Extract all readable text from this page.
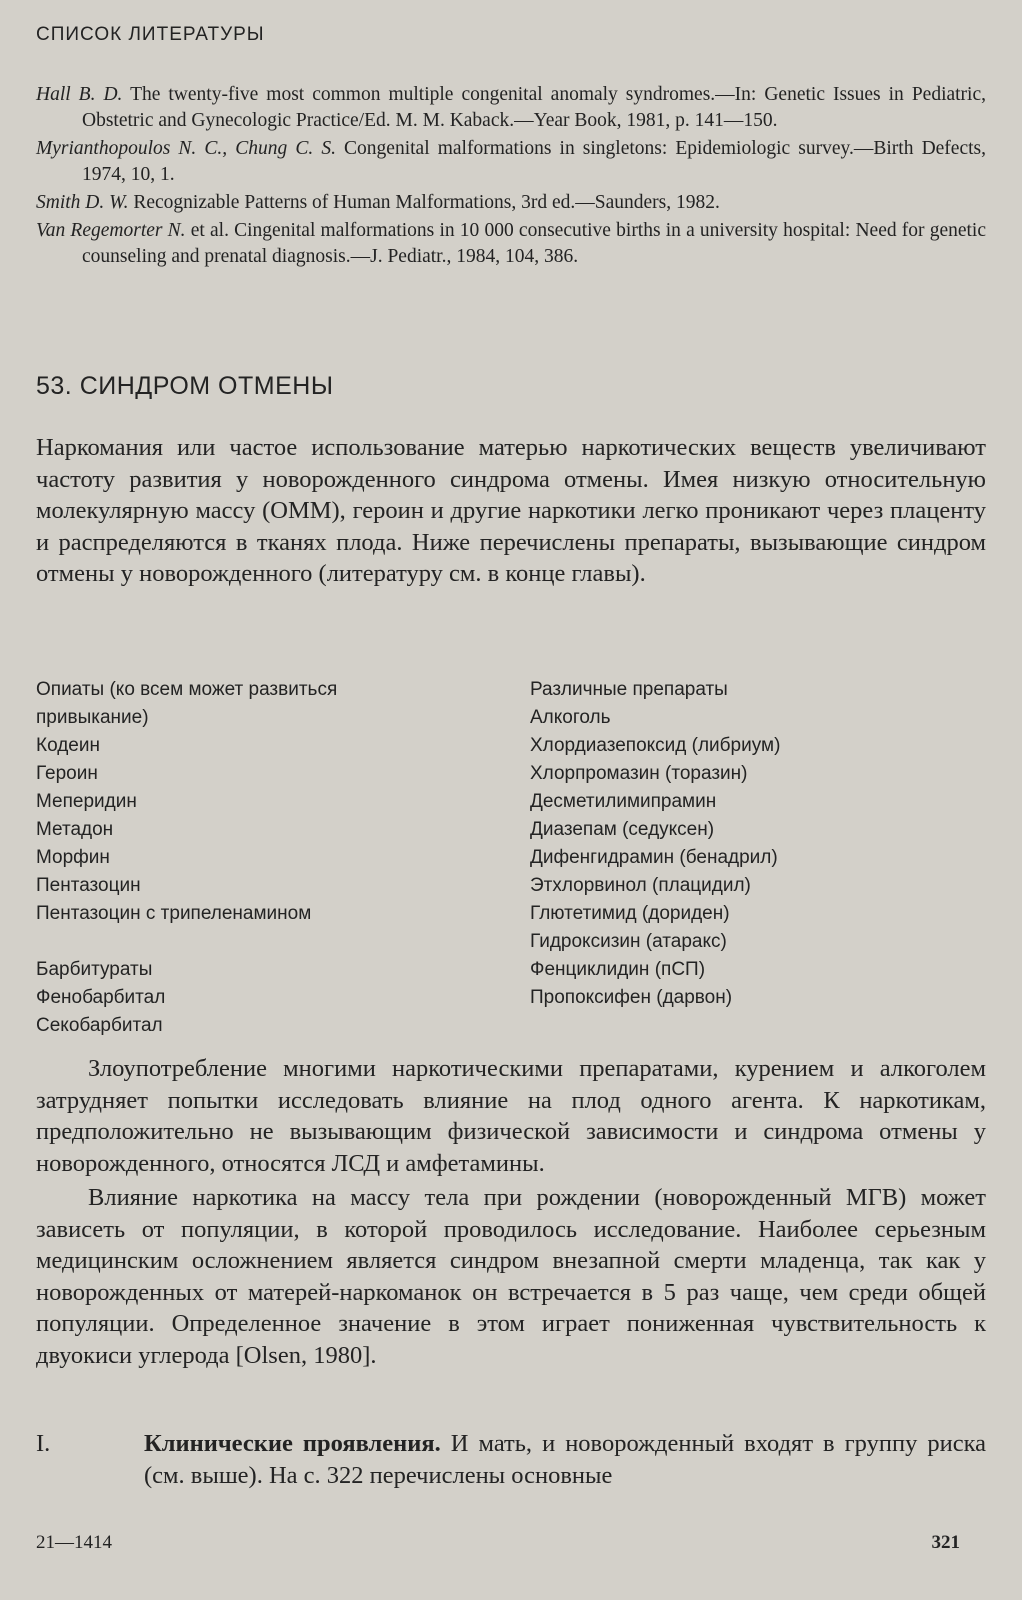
СПИСОК ЛИТЕРАТУРЫ

Hall B. D. The twenty-five most common multiple congenital anomaly syndromes.—In: Genetic Issues in Pediatric, Obstetric and Gynecologic Practice/Ed. M. M. Kaback.—Year Book, 1981, p. 141—150.

Myrianthopoulos N. C., Chung C. S. Congenital malformations in singletons: Epidemiologic survey.—Birth Defects, 1974, 10, 1.

Smith D. W. Recognizable Patterns of Human Malformations, 3rd ed.—Saunders, 1982.

Van Regemorter N. et al. Cingenital malformations in 10 000 consecutive births in a university hospital: Need for genetic counseling and prenatal diagnosis.—J. Pediatr., 1984, 104, 386.

53. СИНДРОМ ОТМЕНЫ

Наркомания или частое использование матерью наркотических веществ увеличивают частоту развития у новорожденного синдрома отмены. Имея низкую относительную молекулярную массу (ОММ), героин и другие наркотики легко проникают через плаценту и распределяются в тканях плода. Ниже перечислены препараты, вызывающие синдром отмены у новорожденного (литературу см. в конце главы).

Опиаты (ко всем может развиться
привыкание)
Кодеин
Героин
Меперидин
Метадон
Морфин
Пентазоцин
Пентазоцин с трипеленамином
Барбитураты
Фенобарбитал
Секобарбитал
Различные препараты
Алкоголь
Хлордиазепоксид (либриум)
Хлорпромазин (торазин)
Десметилимипрамин
Диазепам (седуксен)
Дифенгидрамин (бенадрил)
Этхлорвинол (плацидил)
Глютетимид (дориден)
Гидроксизин (атаракс)
Фенциклидин (пСП)
Пропоксифен (дарвон)

Злоупотребление многими наркотическими препаратами, курением и алкоголем затрудняет попытки исследовать влияние на плод одного агента. К наркотикам, предположительно не вызывающим физической зависимости и синдрома отмены у новорожденного, относятся ЛСД и амфетамины.

Влияние наркотика на массу тела при рождении (новорожденный МГВ) может зависеть от популяции, в которой проводилось исследование. Наиболее серьезным медицинским осложнением является синдром внезапной смерти младенца, так как у новорожденных от матерей-наркоманок он встречается в 5 раз чаще, чем среди общей популяции. Определенное значение в этом играет пониженная чувствительность к двуокиси углерода [Olsen, 1980].

I.	Клинические проявления. И мать, и новорожденный входят в группу риска (см. выше). На с. 322 перечислены основные
21—1414	321
